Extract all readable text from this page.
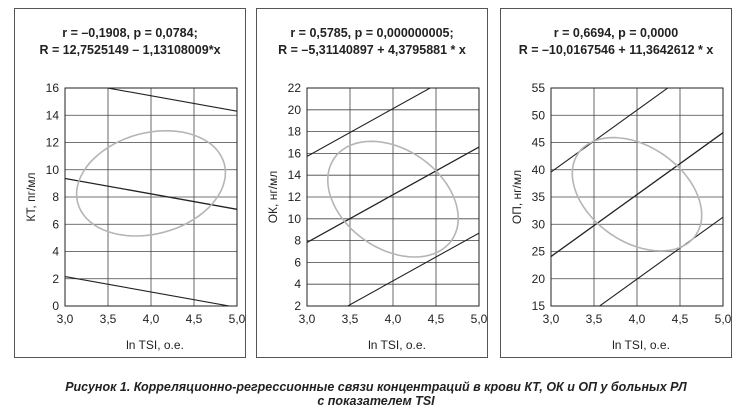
r = –0,1908, p = 0,0784;
R = 12,7525149 – 1,13108009*x
3,0 3,5 4,0 4,5 5,0
0
2
4
6
8
10
12
14
16
ln TSI, о.е.
КТ, пг/мл
r = 0,5785, p = 0,000000005;
R = –5,31140897 + 4,3795881 * x
3,0 3,5 4,0 4,5 5,0
2
4
6
8
10
12
14
16
18
20
22
ln TSI, о.е.
ОК, нг/мл
r = 0,6694, p = 0,0000
R = –10,0167546 + 11,3642612 * x
3,0 3,5 4,0 4,5 5,0
15
20
25
30
35
40
45
50
55
ln TSI, о.е.
ОП, нг/мл
Рисунок 1. Корреляционно-регрессионные связи концентраций в крови КТ, ОК и ОП у больных РЛ
с показателем TSI
